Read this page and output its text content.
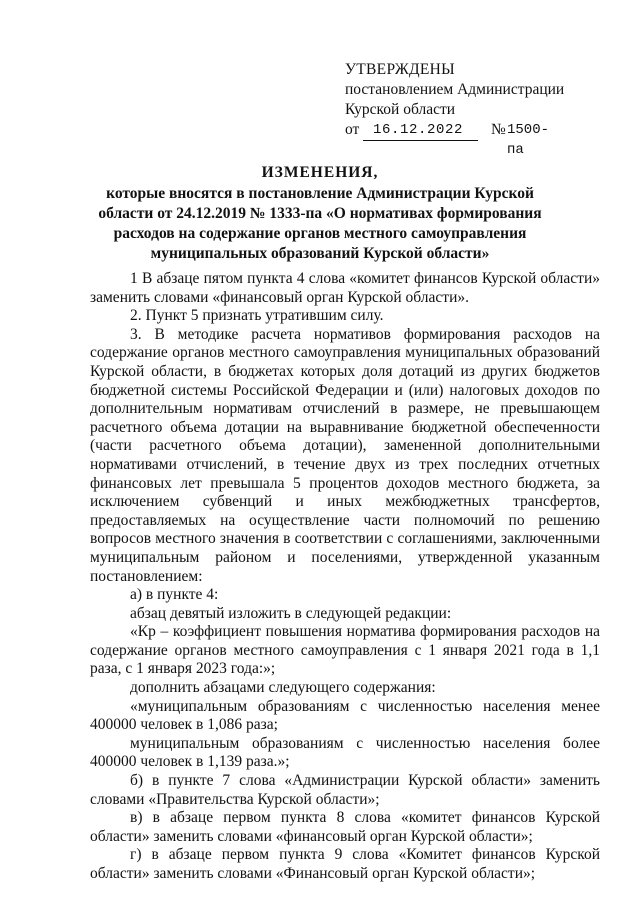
УТВЕРЖДЕНЫ
постановлением Администрации
Курской области
от 16.12.2022
№ 1500-па
ИЗМЕНЕНИЯ,
которые вносятся в постановление Администрации Курской
области от 24.12.2019 № 1333-па «О нормативах формирования
расходов на содержание органов местного самоуправления
муниципальных образований Курской области»

1 В абзаце пятом пункта 4 слова «комитет финансов Курской области» заменить словами «финансовый орган Курской области».

2. Пункт 5 признать утратившим силу.

3. В методике расчета нормативов формирования расходов на содержание органов местного самоуправления муниципальных образований Курской области, в бюджетах которых доля дотаций из других бюджетов бюджетной системы Российской Федерации и (или) налоговых доходов по дополнительным нормативам отчислений в размере, не превышающем расчетного объема дотации на выравнивание бюджетной обеспеченности (части расчетного объема дотации), замененной дополнительными нормативами отчислений, в течение двух из трех последних отчетных финансовых лет превышала 5 процентов доходов местного бюджета, за исключением субвенций и иных межбюджетных трансфертов, предоставляемых на осуществление части полномочий по решению вопросов местного значения в соответствии с соглашениями, заключенными муниципальным районом и поселениями, утвержденной указанным постановлением:

а) в пункте 4:

абзац девятый изложить в следующей редакции:

«Кр – коэффициент повышения норматива формирования расходов на содержание органов местного самоуправления с 1 января 2021 года в 1,1 раза, с 1 января 2023 года:»;

дополнить абзацами следующего содержания:

«муниципальным образованиям с численностью населения менее 400000 человек в 1,086 раза;

муниципальным образованиям с численностью населения более 400000 человек в 1,139 раза.»;

б) в пункте 7 слова «Администрации Курской области» заменить словами «Правительства Курской области»;

в) в абзаце первом пункта 8 слова «комитет финансов Курской области» заменить словами «финансовый орган Курской области»;

г) в абзаце первом пункта 9 слова «Комитет финансов Курской области» заменить словами «Финансовый орган Курской области»;
